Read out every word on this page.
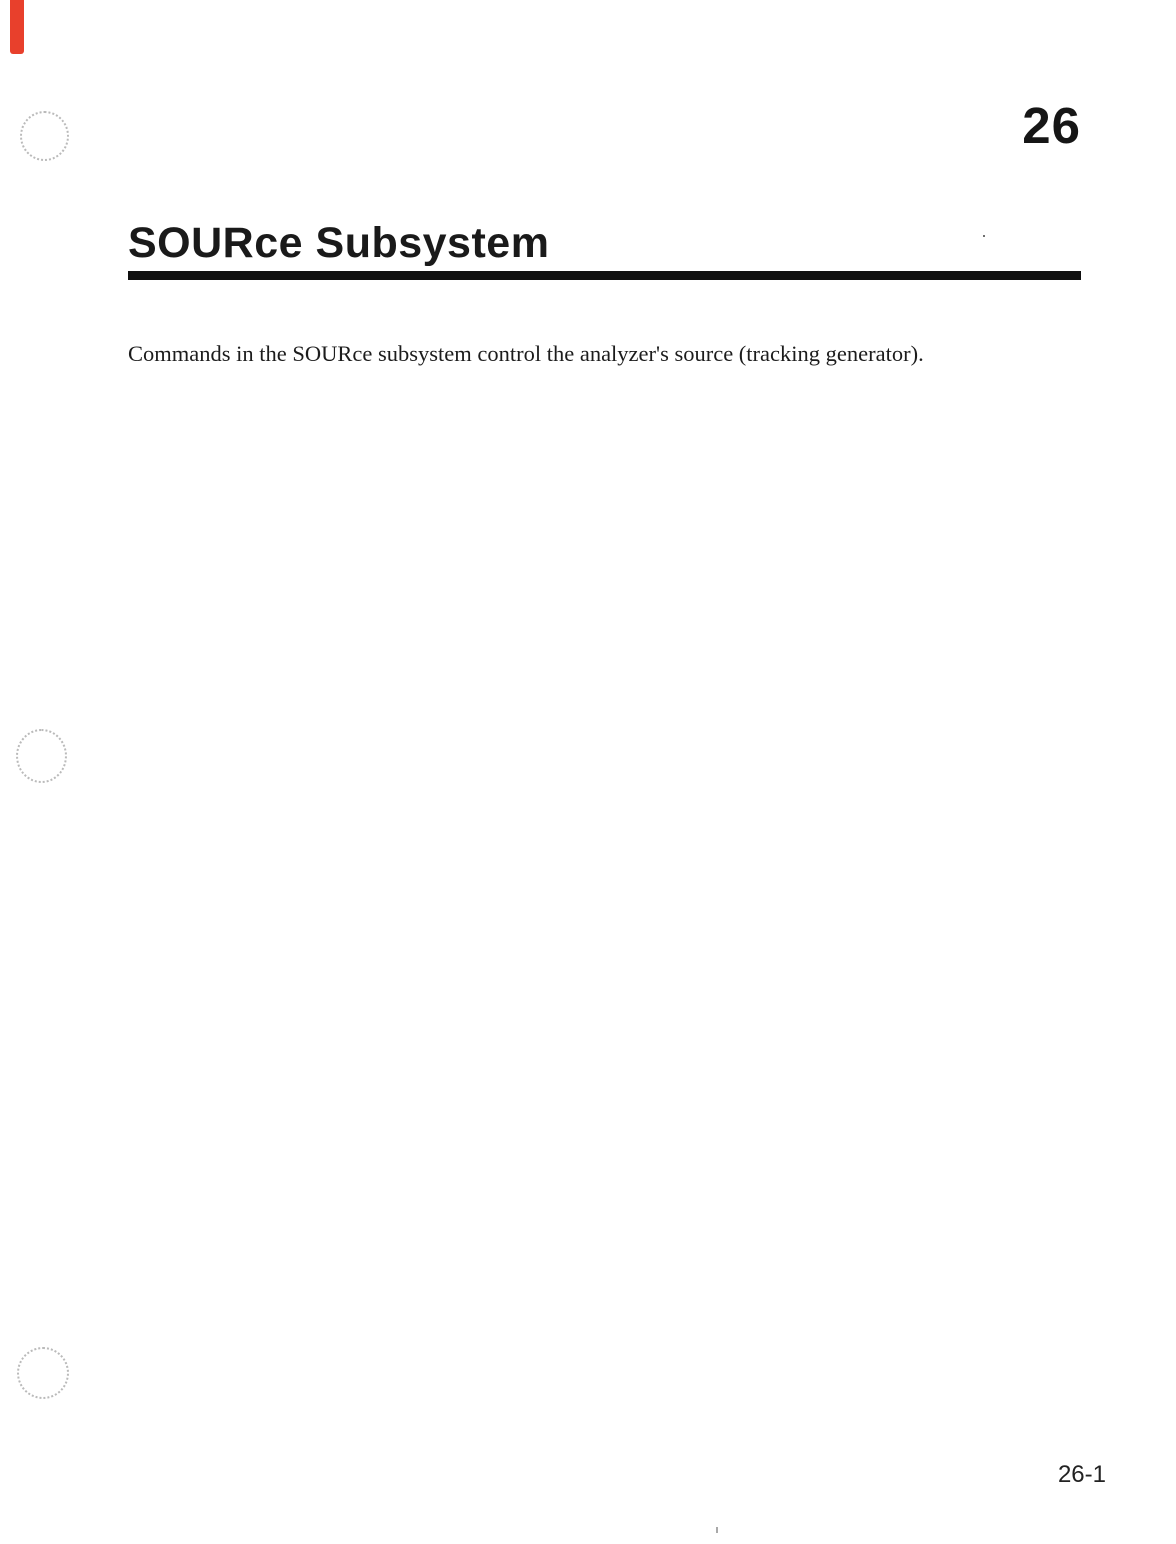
26
SOURce Subsystem

Commands in the SOURce subsystem control the analyzer's source (tracking generator).

26-1
